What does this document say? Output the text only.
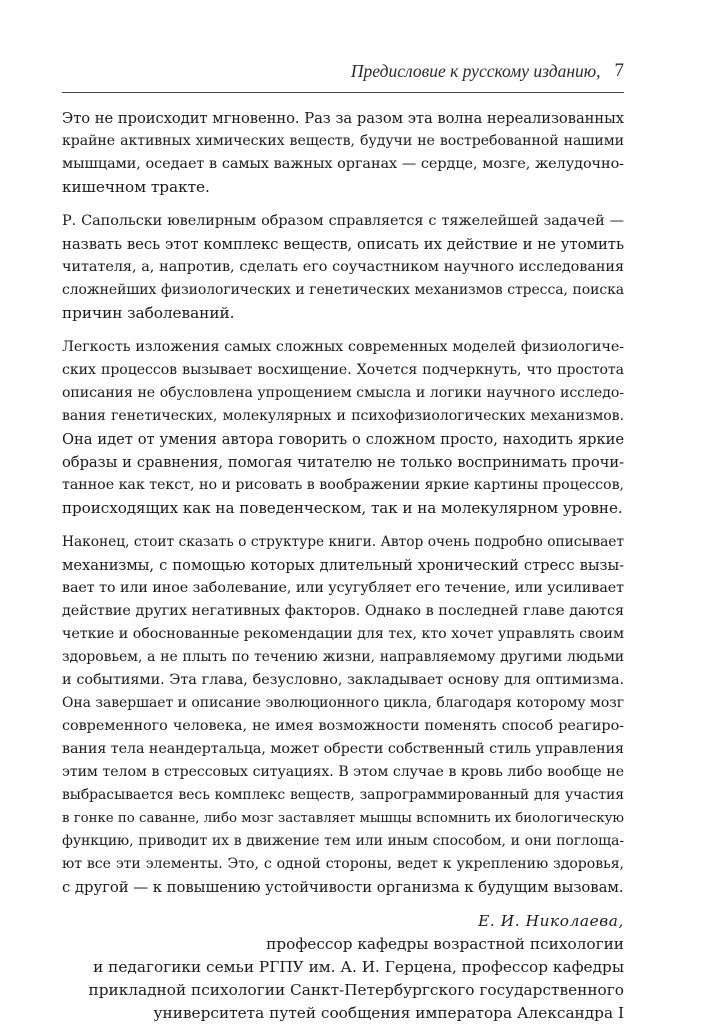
Предисловие к русскому изданию , 7

Это не происходит мгновенно. Раз за разом эта волна нереализованных
крайне активных химических веществ, будучи не востребованной нашими
мышцами, оседает в самых важных органах — сердце, мозге, желудочно-
кишечном тракте.

Р. Сапольски ювелирным образом справляется с тяжелейшей задачей —
назвать весь этот комплекс веществ, описать их действие и не утомить
читателя, а, напротив, сделать его соучастником научного исследования
сложнейших физиологических и генетических механизмов стресса, поиска
причин заболеваний.

Легкость изложения самых сложных современных моделей физиологиче-
ских процессов вызывает восхищение. Хочется подчеркнуть, что простота
описания не обусловлена упрощением смысла и логики научного исследо-
вания генетических, молекулярных и психофизиологических механизмов.
Она идет от умения автора говорить о сложном просто, находить яркие
образы и сравнения, помогая читателю не только воспринимать прочи-
танное как текст, но и рисовать в воображении яркие картины процессов,
происходящих как на поведенческом, так и на молекулярном уровне.

Наконец, стоит сказать о структуре книги. Автор очень подробно описывает
механизмы, с помощью которых длительный хронический стресс вызы-
вает то или иное заболевание, или усугубляет его течение, или усиливает
действие других негативных факторов. Однако в последней главе даются
четкие и обоснованные рекомендации для тех, кто хочет управлять своим
здоровьем, а не плыть по течению жизни, направляемому другими людьми
и событиями. Эта глава, безусловно, закладывает основу для оптимизма.
Она завершает и описание эволюционного цикла, благодаря которому мозг
современного человека, не имея возможности поменять способ реагиро-
вания тела неандертальца, может обрести собственный стиль управления
этим телом в стрессовых ситуациях. В этом случае в кровь либо вообще не
выбрасывается весь комплекс веществ, запрограммированный для участия
в гонке по саванне, либо мозг заставляет мышцы вспомнить их биологическую
функцию, приводит их в движение тем или иным способом, и они поглоща-
ют все эти элементы. Это, с одной стороны, ведет к укреплению здоровья,
с другой — к повышению устойчивости организма к будущим вызовам.

Е. И. Николаева,
профессор кафедры возрастной психологии
и педагогики семьи РГПУ им. А. И. Герцена, профессор кафедры
прикладной психологии Санкт-Петербургского государственного
университета путей сообщения императора Александра I
